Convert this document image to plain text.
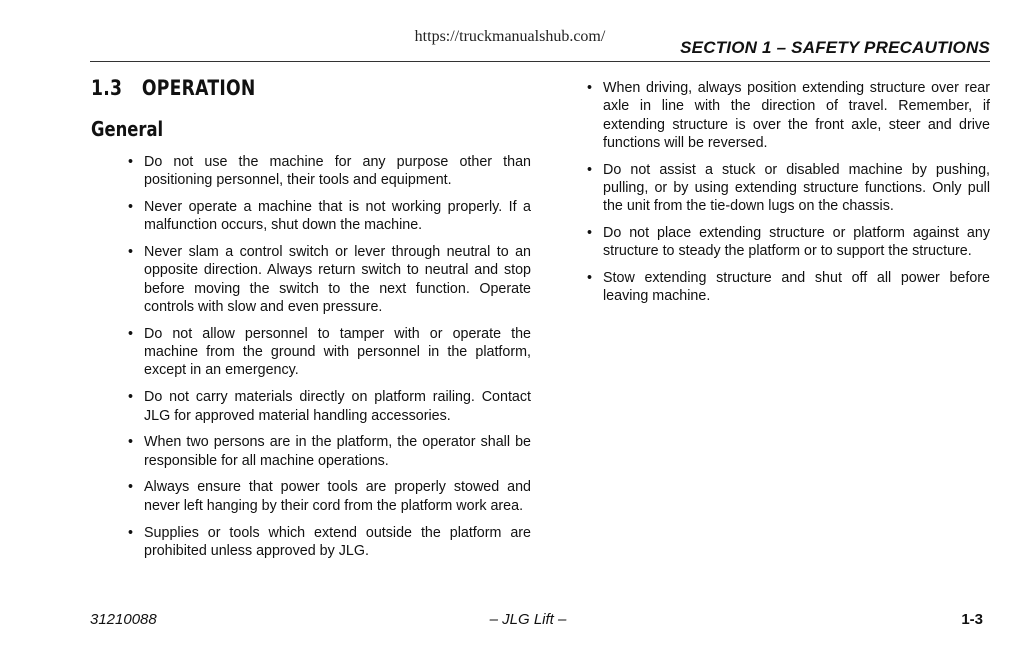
https://truckmanualshub.com/
SECTION 1 – SAFETY PRECAUTIONS
1.3 OPERATION
General
• Do not use the machine for any purpose other than positioning personnel, their tools and equipment.
• Never operate a machine that is not working properly. If a malfunction occurs, shut down the machine.
• Never slam a control switch or lever through neutral to an opposite direction. Always return switch to neutral and stop before moving the switch to the next function. Operate controls with slow and even pressure.
• Do not allow personnel to tamper with or operate the machine from the ground with personnel in the platform, except in an emergency.
• Do not carry materials directly on platform railing. Contact JLG for approved material handling accessories.
• When two persons are in the platform, the operator shall be responsible for all machine operations.
• Always ensure that power tools are properly stowed and never left hanging by their cord from the platform work area.
• Supplies or tools which extend outside the platform are prohibited unless approved by JLG.
• When driving, always position extending structure over rear axle in line with the direction of travel. Remember, if extending structure is over the front axle, steer and drive functions will be reversed.
• Do not assist a stuck or disabled machine by pushing, pulling, or by using extending structure functions. Only pull the unit from the tie-down lugs on the chassis.
• Do not place extending structure or platform against any structure to steady the platform or to support the structure.
• Stow extending structure and shut off all power before leaving machine.
31210088	– JLG Lift –	1-3
